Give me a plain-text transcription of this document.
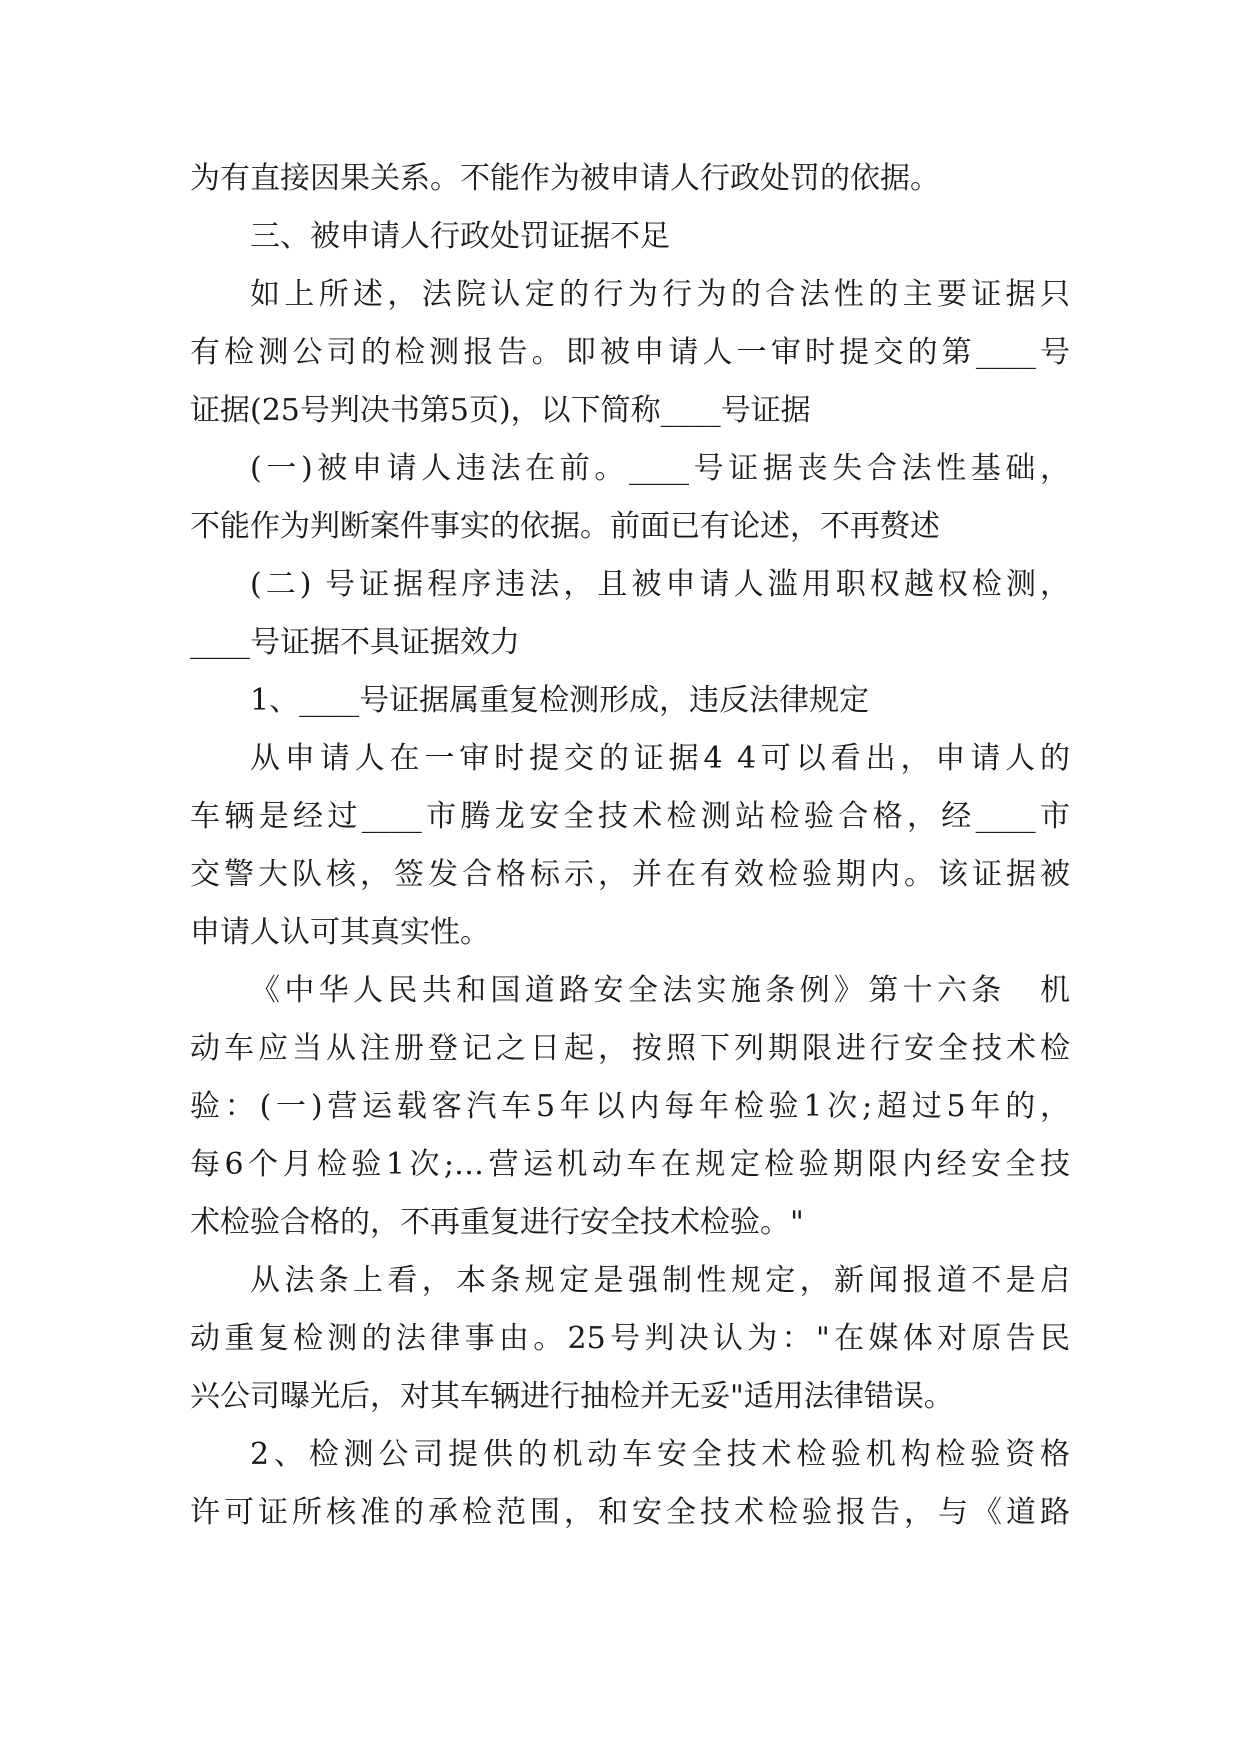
为有直接因果关系。不能作为被申请人行政处罚的依据。
三、被申请人行政处罚证据不足
如上所述，法院认定的行为行为的合法性的主要证据只
有检测公司的检测报告。即被申请人一审时提交的第____号
证据(25号判决书第5页)，以下简称____号证据
(一)被申请人违法在前。____号证据丧失合法性基础，
不能作为判断案件事实的依据。前面已有论述，不再赘述
(二) 号证据程序违法，且被申请人滥用职权越权检测，
____号证据不具证据效力
1、____号证据属重复检测形成，违反法律规定
从申请人在一审时提交的证据4 4可以看出，申请人的
车辆是经过____市腾龙安全技术检测站检验合格，经____市
交警大队核，签发合格标示，并在有效检验期内。该证据被
申请人认可其真实性。
《中华人民共和国道路安全法实施条例》第十六条　机
动车应当从注册登记之日起，按照下列期限进行安全技术检
验：(一)营运载客汽车5年以内每年检验1次;超过5年的，
每6个月检验1次;…营运机动车在规定检验期限内经安全技
术检验合格的，不再重复进行安全技术检验。"
从法条上看，本条规定是强制性规定，新闻报道不是启
动重复检测的法律事由。25号判决认为："在媒体对原告民
兴公司曝光后，对其车辆进行抽检并无妥"适用法律错误。
2、检测公司提供的机动车安全技术检验机构检验资格
许可证所核准的承检范围，和安全技术检验报告，与《道路
